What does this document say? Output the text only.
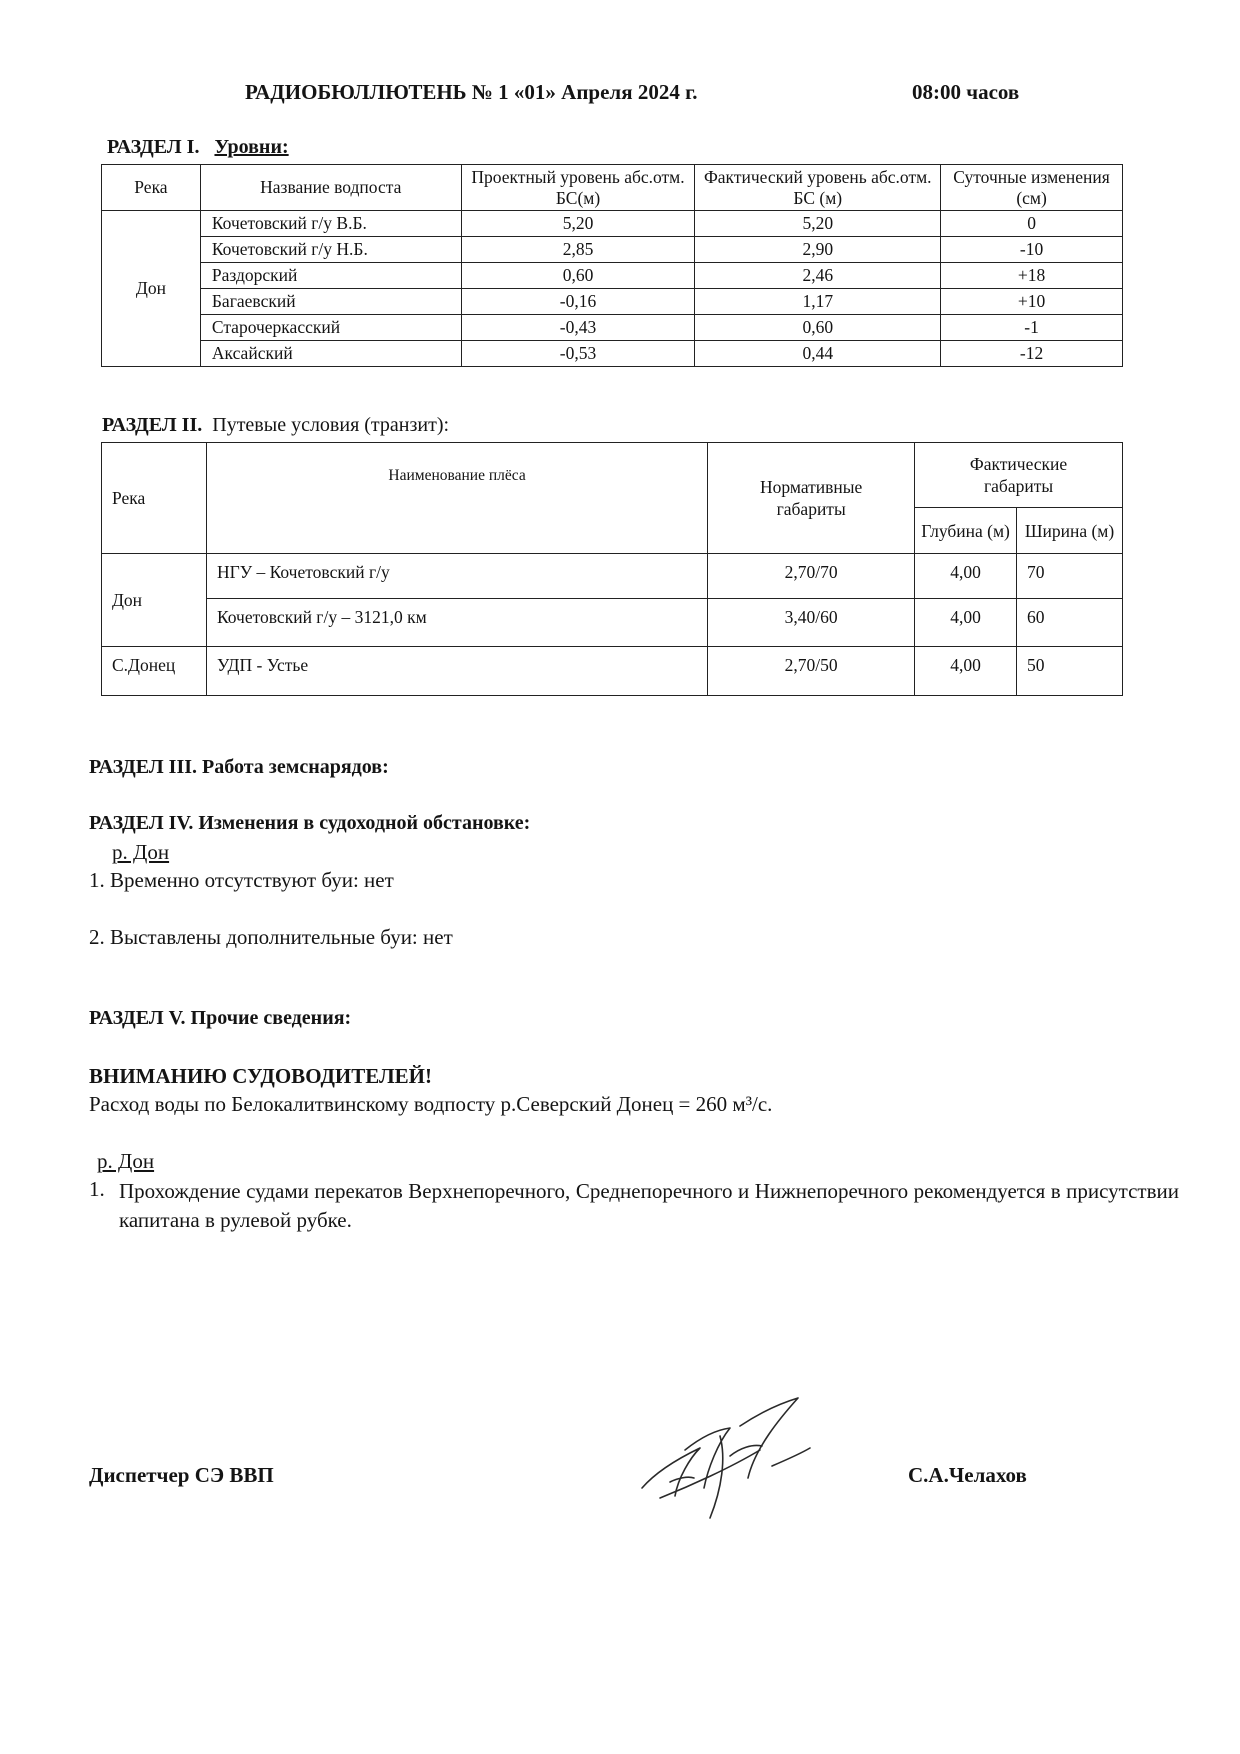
РАДИОБЮЛЛЮТЕНЬ № 1 «01» Апреля 2024 г.	08:00 часов
РАЗДЕЛ I. Уровни:
Река	Название водпоста	Проектный уровень абс.отм. БС(м)	Фактический уровень абс.отм. БС (м)	Суточные изменения (см)
Дон	Кочетовский г/у В.Б.	5,20	5,20	0
	Кочетовский г/у Н.Б.	2,85	2,90	-10
	Раздорский	0,60	2,46	+18
	Багаевский	-0,16	1,17	+10
	Старочеркасский	-0,43	0,60	-1
	Аксайский	-0,53	0,44	-12
РАЗДЕЛ II. Путевые условия (транзит):
Река	Наименование плёса	Нормативные габариты	Фактические габариты	
			Глубина (м)	Ширина (м)
Дон	НГУ – Кочетовский г/у	2,70/70	4,00	70
	Кочетовский г/у – 3121,0 км	3,40/60	4,00	60
С.Донец	УДП - Устье	2,70/50	4,00	50
РАЗДЕЛ III. Работа земснарядов:
РАЗДЕЛ IV. Изменения в судоходной обстановке:
р. Дон
1. Временно отсутствуют буи: нет
2. Выставлены дополнительные буи: нет
РАЗДЕЛ V. Прочие сведения:
ВНИМАНИЮ СУДОВОДИТЕЛЕЙ!
Расход воды по Белокалитвинскому водпосту р.Северский Донец = 260 м³/с.
р. Дон
1. Прохождение судами перекатов Верхнепоречного, Среднепоречного и Нижнепоречного рекомендуется в присутствии капитана в рулевой рубке.
Диспетчер СЭ ВВП	С.А.Челахов
